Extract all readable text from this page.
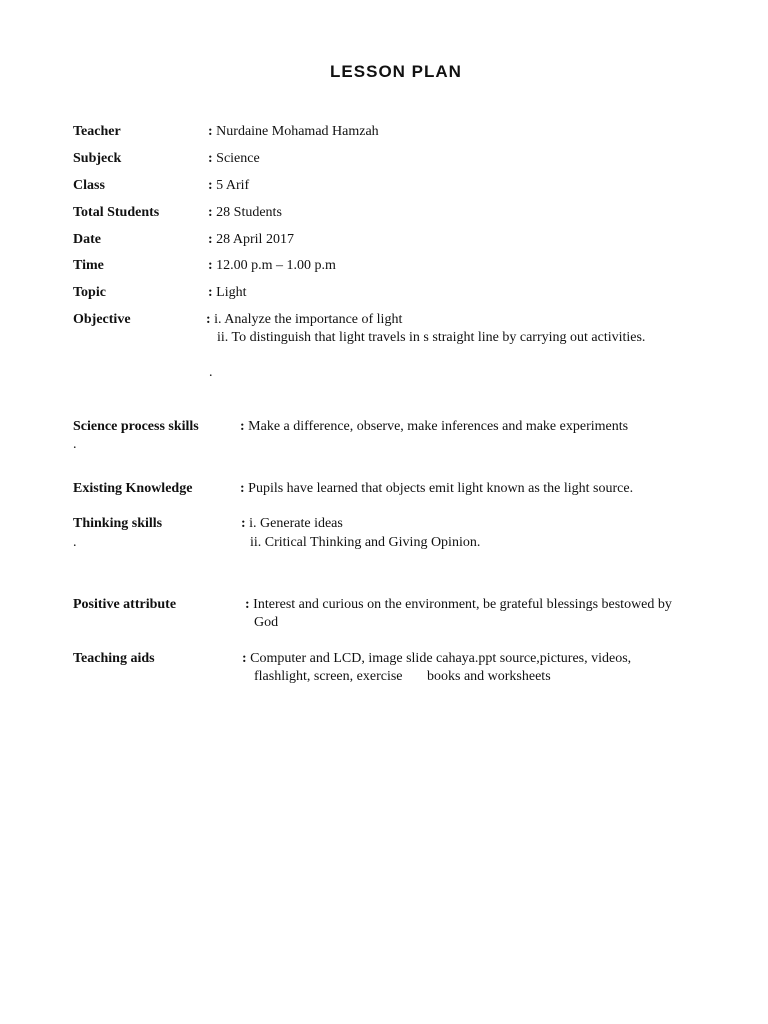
LESSON PLAN
Teacher	: Nurdaine Mohamad Hamzah
Subjeck	: Science
Class	: 5 Arif
Total Students	: 28 Students
Date	: 28 April 2017
Time	: 12.00 p.m – 1.00 p.m
Topic	: Light
Objective	: i. Analyze the importance of light
ii. To distinguish that light travels in s straight line by carrying out activities.
.
Science process skills	: Make a difference, observe, make inferences and make experiments
.
Existing Knowledge	: Pupils have learned that objects emit light known as the light source.
Thinking skills	: i. Generate ideas
ii. Critical Thinking and Giving Opinion.
.
Positive attribute	: Interest and curious on the environment, be grateful blessings bestowed by
God
Teaching aids	: Computer and LCD, image slide cahaya.ppt source,pictures, videos,
flashlight, screen, exercise       books and worksheets
